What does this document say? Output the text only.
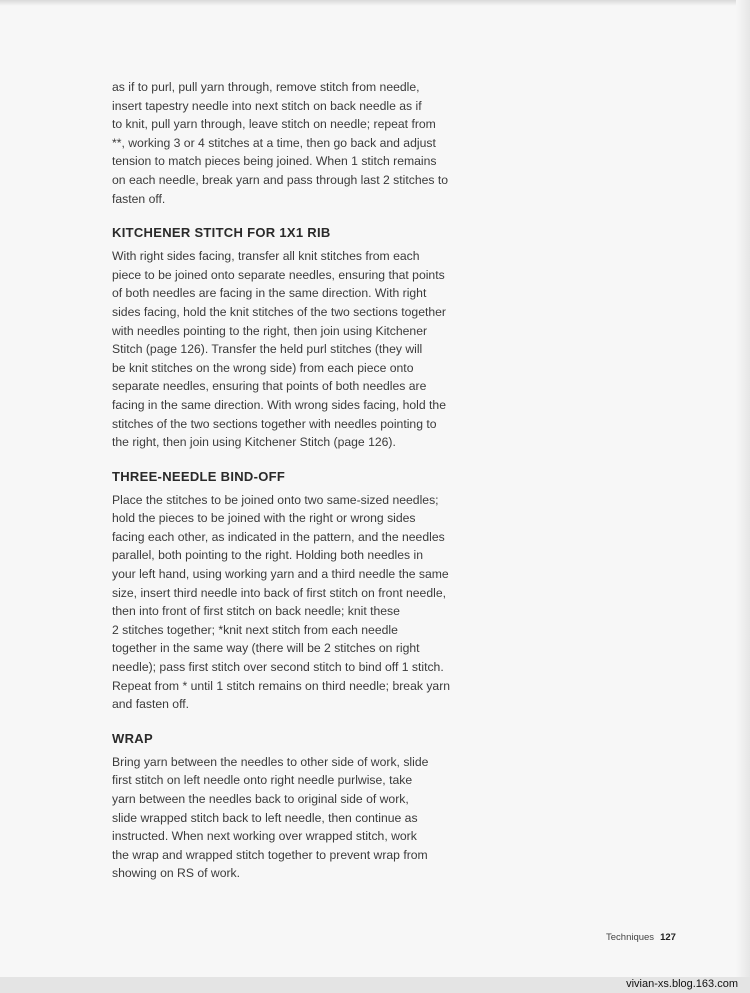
as if to purl, pull yarn through, remove stitch from needle,
insert tapestry needle into next stitch on back needle as if
to knit, pull yarn through, leave stitch on needle; repeat from
**, working 3 or 4 stitches at a time, then go back and adjust
tension to match pieces being joined. When 1 stitch remains
on each needle, break yarn and pass through last 2 stitches to
fasten off.

KITCHENER STITCH FOR 1X1 RIB

With right sides facing, transfer all knit stitches from each
piece to be joined onto separate needles, ensuring that points
of both needles are facing in the same direction. With right
sides facing, hold the knit stitches of the two sections together
with needles pointing to the right, then join using Kitchener
Stitch (page 126). Transfer the held purl stitches (they will
be knit stitches on the wrong side) from each piece onto
separate needles, ensuring that points of both needles are
facing in the same direction. With wrong sides facing, hold the
stitches of the two sections together with needles pointing to
the right, then join using Kitchener Stitch (page 126).

THREE-NEEDLE BIND-OFF

Place the stitches to be joined onto two same-sized needles;
hold the pieces to be joined with the right or wrong sides
facing each other, as indicated in the pattern, and the needles
parallel, both pointing to the right. Holding both needles in
your left hand, using working yarn and a third needle the same
size, insert third needle into back of first stitch on front needle,
then into front of first stitch on back needle; knit these
2 stitches together; *knit next stitch from each needle
together in the same way (there will be 2 stitches on right
needle); pass first stitch over second stitch to bind off 1 stitch.
Repeat from * until 1 stitch remains on third needle; break yarn
and fasten off.

WRAP

Bring yarn between the needles to other side of work, slide
first stitch on left needle onto right needle purlwise, take
yarn between the needles back to original side of work,
slide wrapped stitch back to left needle, then continue as
instructed. When next working over wrapped stitch, work
the wrap and wrapped stitch together to prevent wrap from
showing on RS of work.

Techniques 127
vivian-xs.blog.163.com
